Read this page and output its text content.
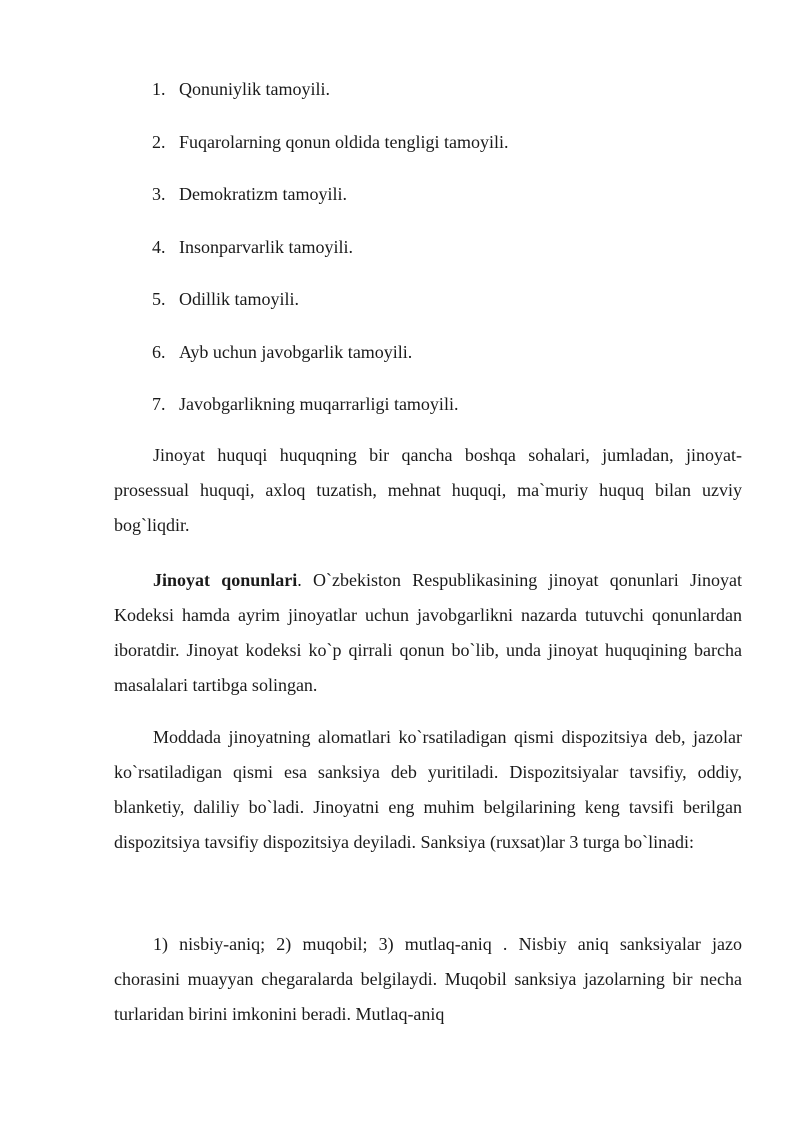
1. Qonuniylik tamoyili.
2. Fuqarolarning qonun oldida tengligi tamoyili.
3. Demokratizm tamoyili.
4. Insonparvarlik tamoyili.
5. Odillik tamoyili.
6. Ayb uchun javobgarlik tamoyili.
7. Javobgarlikning muqarrarligi tamoyili.

Jinoyat huquqi huquqning bir qancha boshqa sohalari, jumladan, jinoyat-prosessual huquqi, axloq tuzatish, mehnat huquqi, ma`muriy huquq bilan uzviy bog`liqdir.

Jinoyat qonunlari. O`zbekiston Respublikasining jinoyat qonunlari Jinoyat Kodeksi hamda ayrim jinoyatlar uchun javobgarlikni nazarda tutuvchi qonunlardan iboratdir. Jinoyat kodeksi ko`p qirrali qonun bo`lib, unda jinoyat huquqining barcha masalalari tartibga solingan.

Moddada jinoyatning alomatlari ko`rsatiladigan qismi dispozitsiya deb, jazolar ko`rsatiladigan qismi esa sanksiya deb yuritiladi. Dispozitsiyalar tavsifiy, oddiy, blanketiy, daliliy bo`ladi. Jinoyatni eng muhim belgilarining keng tavsifi berilgan dispozitsiya tavsifiy dispozitsiya deyiladi. Sanksiya (ruxsat)lar 3 turga bo`linadi:

1) nisbiy-aniq; 2) muqobil; 3) mutlaq-aniq . Nisbiy aniq sanksiyalar jazo chorasini muayyan chegaralarda belgilaydi. Muqobil sanksiya jazolarning bir necha turlaridan birini imkonini beradi. Mutlaq-aniq
